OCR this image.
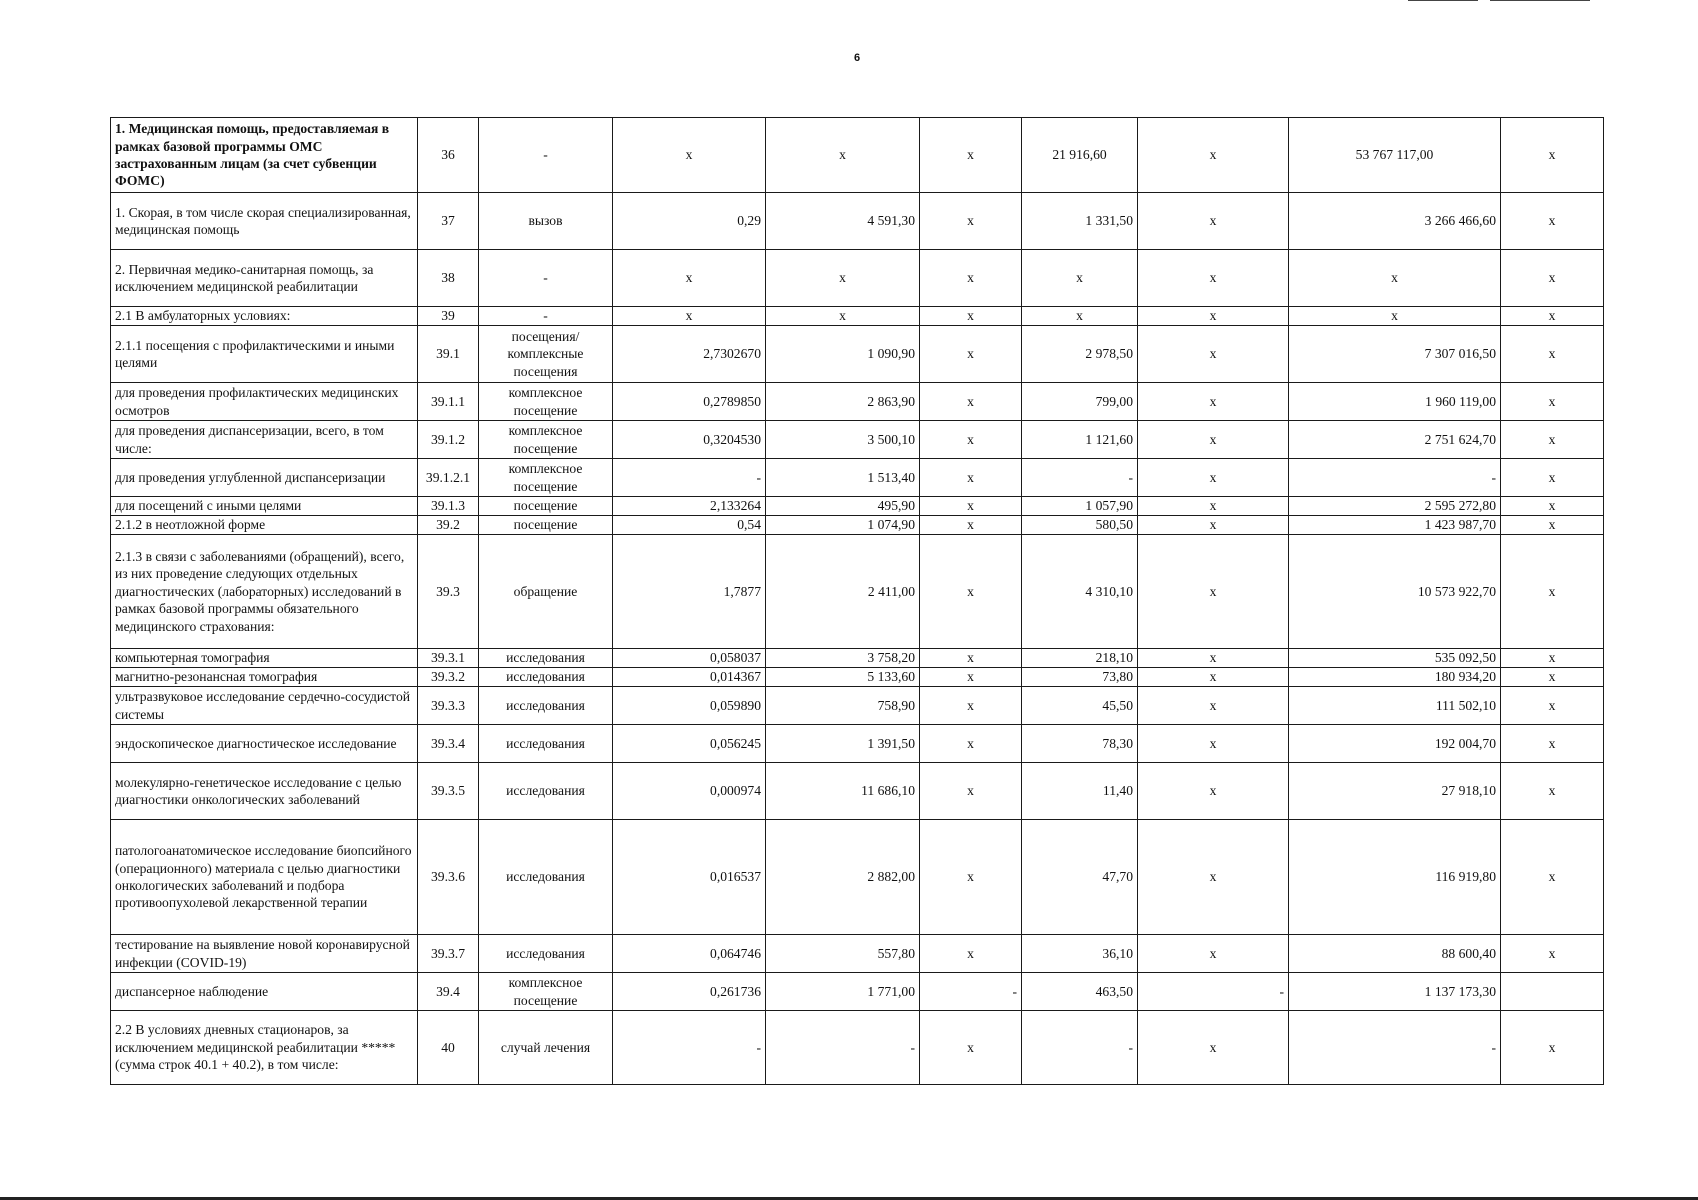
6
1. Медицинская помощь, предоставляемая в рамках базовой программы ОМС застрахованным лицам (за счет субвенции ФОМС)	36	-	х	х	х	21 916,60	х	53 767 117,00	х
1. Скорая, в том числе скорая специализированная, медицинская помощь	37	вызов	0,29	4 591,30	х	1 331,50	х	3 266 466,60	х
2. Первичная медико-санитарная помощь, за исключением медицинской реабилитации	38	-	х	х	х	х	х	х	х
2.1 В амбулаторных условиях:	39	-	х	х	х	х	х	х	х
2.1.1 посещения с профилактическими и иными целями	39.1	посещения/комплексные посещения	2,7302670	1 090,90	х	2 978,50	х	7 307 016,50	х
для проведения профилактических медицинских осмотров	39.1.1	комплексное посещение	0,2789850	2 863,90	х	799,00	х	1 960 119,00	х
для проведения диспансеризации, всего, в том числе:	39.1.2	комплексное посещение	0,3204530	3 500,10	х	1 121,60	х	2 751 624,70	х
для проведения углубленной диспансеризации	39.1.2.1	комплексное посещение	-	1 513,40	х	-	х	-	х
для посещений с иными целями	39.1.3	посещение	2,133264	495,90	х	1 057,90	х	2 595 272,80	х
2.1.2 в неотложной форме	39.2	посещение	0,54	1 074,90	х	580,50	х	1 423 987,70	х
2.1.3 в связи с заболеваниями (обращений), всего, из них проведение следующих отдельных диагностических (лабораторных) исследований в рамках базовой программы обязательного медицинского страхования:	39.3	обращение	1,7877	2 411,00	х	4 310,10	х	10 573 922,70	х
компьютерная томография	39.3.1	исследования	0,058037	3 758,20	х	218,10	х	535 092,50	х
магнитно-резонансная томография	39.3.2	исследования	0,014367	5 133,60	х	73,80	х	180 934,20	х
ультразвуковое исследование сердечно-сосудистой системы	39.3.3	исследования	0,059890	758,90	х	45,50	х	111 502,10	х
эндоскопическое диагностическое исследование	39.3.4	исследования	0,056245	1 391,50	х	78,30	х	192 004,70	х
молекулярно-генетическое исследование с целью диагностики онкологических заболеваний	39.3.5	исследования	0,000974	11 686,10	х	11,40	х	27 918,10	х
патологоанатомическое исследование биопсийного (операционного) материала с целью диагностики онкологических заболеваний и подбора противоопухолевой лекарственной терапии	39.3.6	исследования	0,016537	2 882,00	х	47,70	х	116 919,80	х
тестирование на выявление новой коронавирусной инфекции (COVID-19)	39.3.7	исследования	0,064746	557,80	х	36,10	х	88 600,40	х
диспансерное наблюдение	39.4	комплексное посещение	0,261736	1 771,00	-	463,50	-	1 137 173,30	
2.2 В условиях дневных стационаров, за исключением медицинской реабилитации ***** (сумма строк 40.1 + 40.2), в том числе:	40	случай лечения	-	-	х	-	х	-	х
